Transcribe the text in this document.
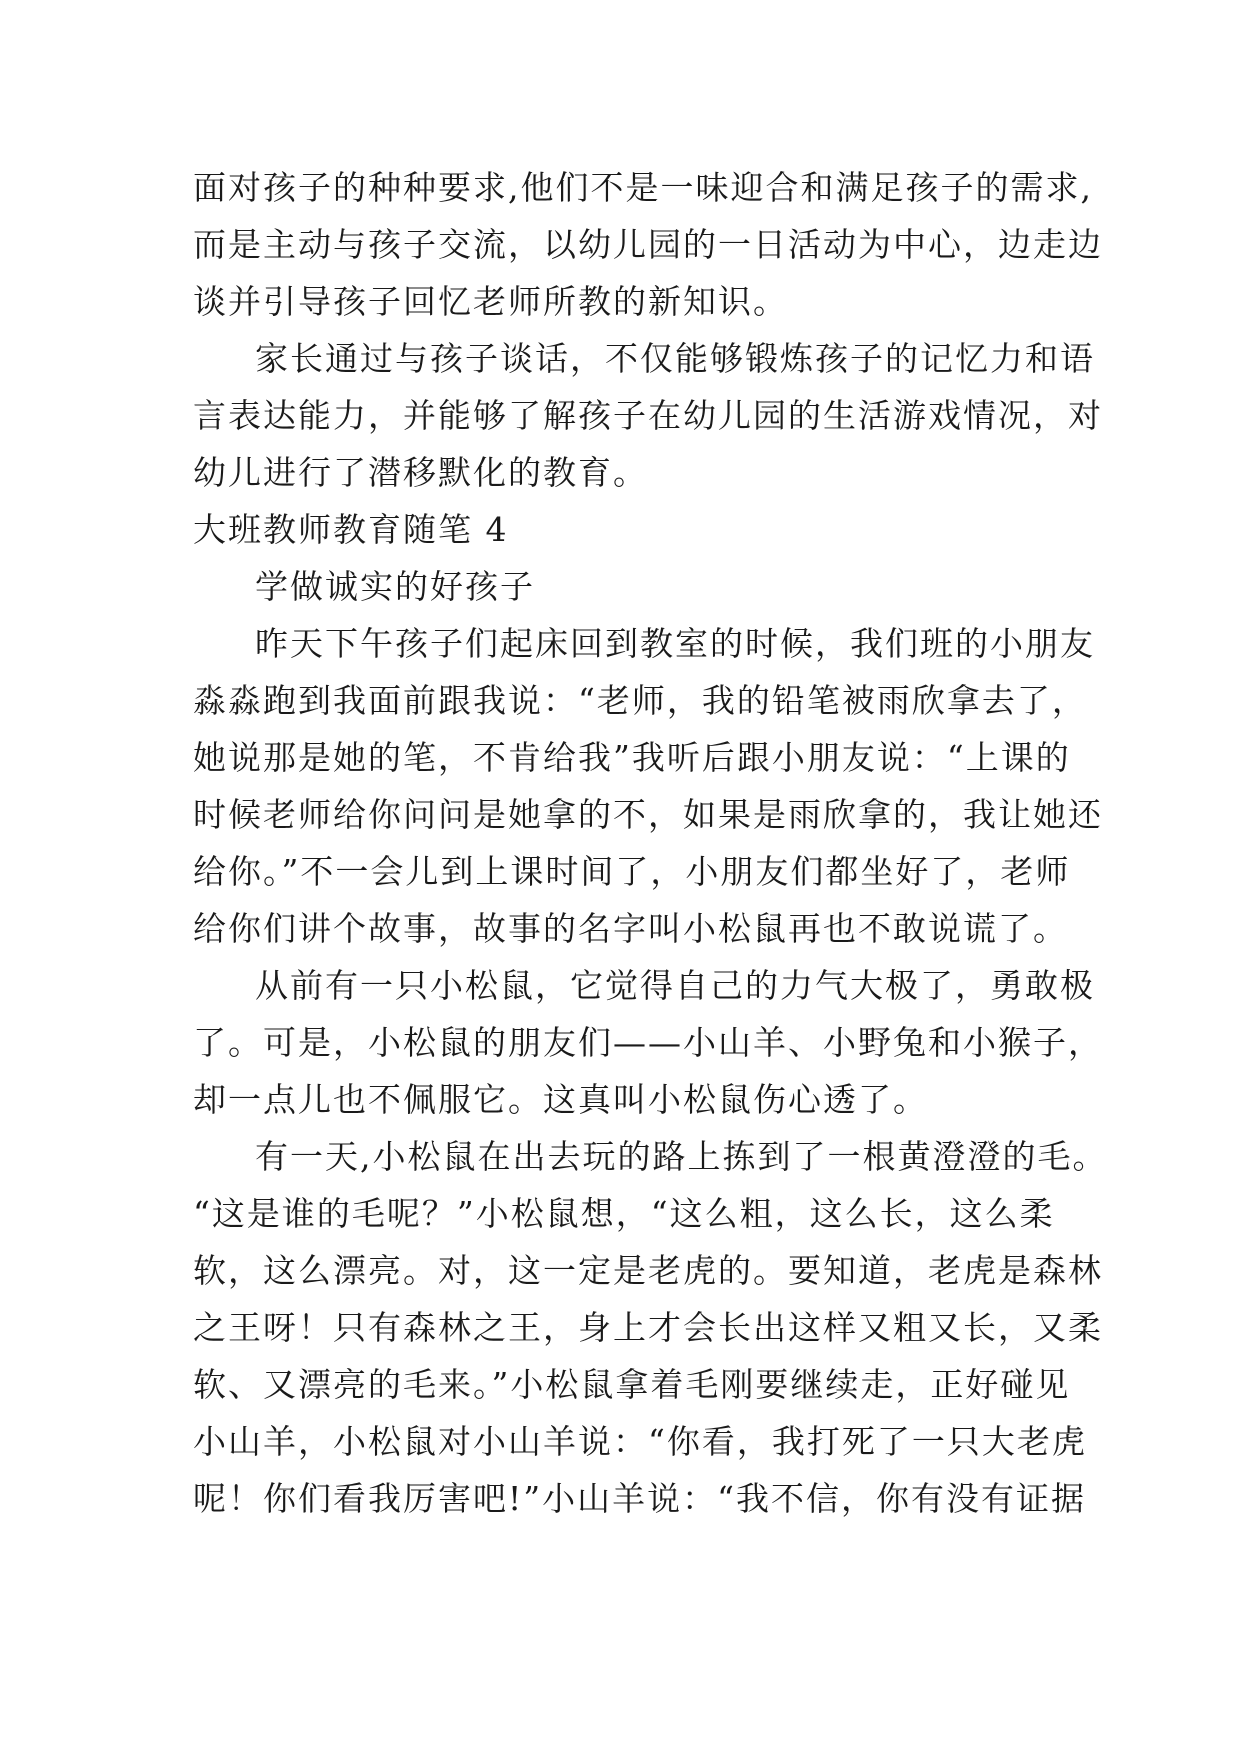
面对孩子的种种要求,他们不是一味迎合和满足孩子的需求,
而是主动与孩子交流，以幼儿园的一日活动为中心，边走边
谈并引导孩子回忆老师所教的新知识。
家长通过与孩子谈话，不仅能够锻炼孩子的记忆力和语
言表达能力，并能够了解孩子在幼儿园的生活游戏情况，对
幼儿进行了潜移默化的教育。
大班教师教育随笔 4
学做诚实的好孩子
昨天下午孩子们起床回到教室的时候，我们班的小朋友
淼淼跑到我面前跟我说：“老师，我的铅笔被雨欣拿去了，
她说那是她的笔，不肯给我”我听后跟小朋友说：“上课的
时候老师给你问问是她拿的不，如果是雨欣拿的，我让她还
给你。”不一会儿到上课时间了，小朋友们都坐好了，老师
给你们讲个故事，故事的名字叫小松鼠再也不敢说谎了。
从前有一只小松鼠，它觉得自己的力气大极了，勇敢极
了。可是，小松鼠的朋友们——小山羊、小野兔和小猴子，
却一点儿也不佩服它。这真叫小松鼠伤心透了。
有一天,小松鼠在出去玩的路上拣到了一根黄澄澄的毛。
“这是谁的毛呢？”小松鼠想，“这么粗，这么长，这么柔
软，这么漂亮。对，这一定是老虎的。要知道，老虎是森林
之王呀！只有森林之王，身上才会长出这样又粗又长，又柔
软、又漂亮的毛来。”小松鼠拿着毛刚要继续走，正好碰见
小山羊，小松鼠对小山羊说：“你看，我打死了一只大老虎
呢！你们看我厉害吧!”小山羊说：“我不信，你有没有证据
